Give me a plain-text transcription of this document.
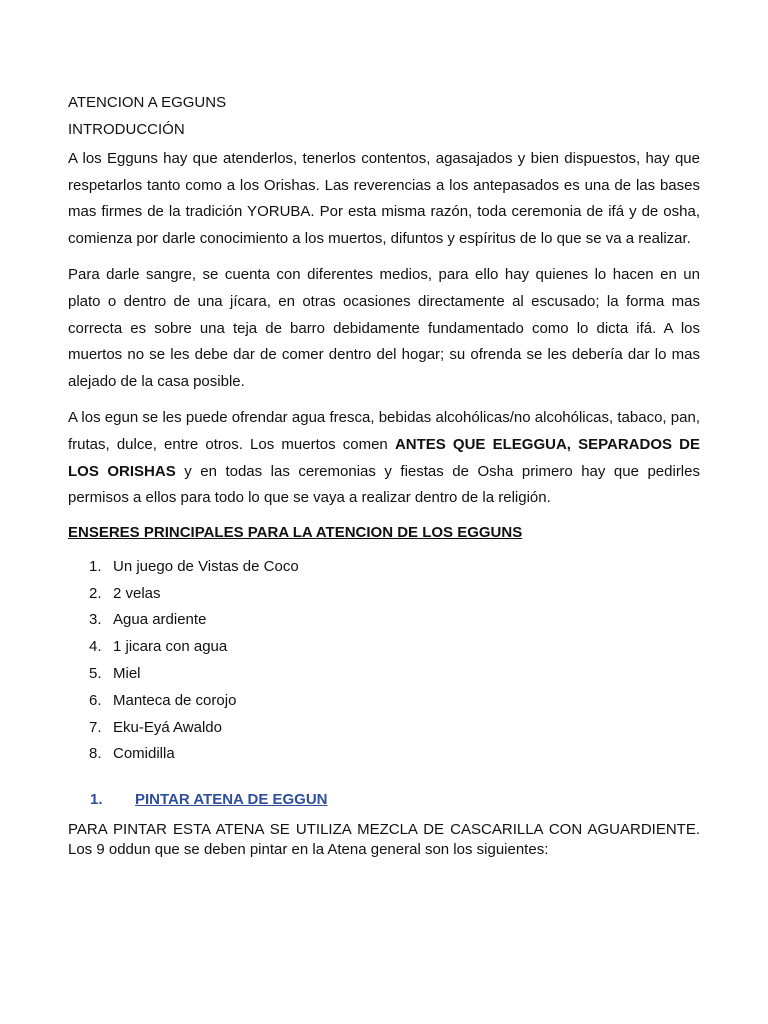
ATENCION A EGGUNS
INTRODUCCIÓN

A los Egguns hay que atenderlos, tenerlos contentos, agasajados y bien dispuestos, hay que respetarlos tanto como a los Orishas. Las reverencias a los antepasados es una de las bases mas firmes de la tradición YORUBA. Por esta misma razón, toda ceremonia de ifá y de osha, comienza por darle conocimiento a los muertos, difuntos y espíritus de lo que se va a realizar.

Para darle sangre, se cuenta con diferentes medios, para ello hay quienes lo hacen en un plato o dentro de una jícara, en otras ocasiones directamente al escusado; la forma mas correcta es sobre una teja de barro debidamente fundamentado como lo dicta ifá. A los muertos no se les debe dar de comer dentro del hogar; su ofrenda se les debería dar lo mas alejado de la casa posible.

A los egun se les puede ofrendar agua fresca, bebidas alcohólicas/no alcohólicas, tabaco, pan, frutas, dulce, entre otros. Los muertos comen ANTES QUE ELEGGUA, SEPARADOS DE LOS ORISHAS y en todas las ceremonias y fiestas de Osha primero hay que pedirles permisos a ellos para todo lo que se vaya a realizar dentro de la religión.

ENSERES PRINCIPALES PARA LA ATENCION DE LOS EGGUNS
1. Un juego de Vistas de Coco
2. 2 velas
3. Agua ardiente
4. 1 jicara con agua
5. Miel
6. Manteca de corojo
7. Eku-Eyá Awaldo
8. Comidilla
1. PINTAR ATENA DE EGGUN
PARA PINTAR ESTA ATENA SE UTILIZA MEZCLA DE CASCARILLA CON AGUARDIENTE.
Los 9 oddun que se deben pintar en la Atena general son los siguientes:
